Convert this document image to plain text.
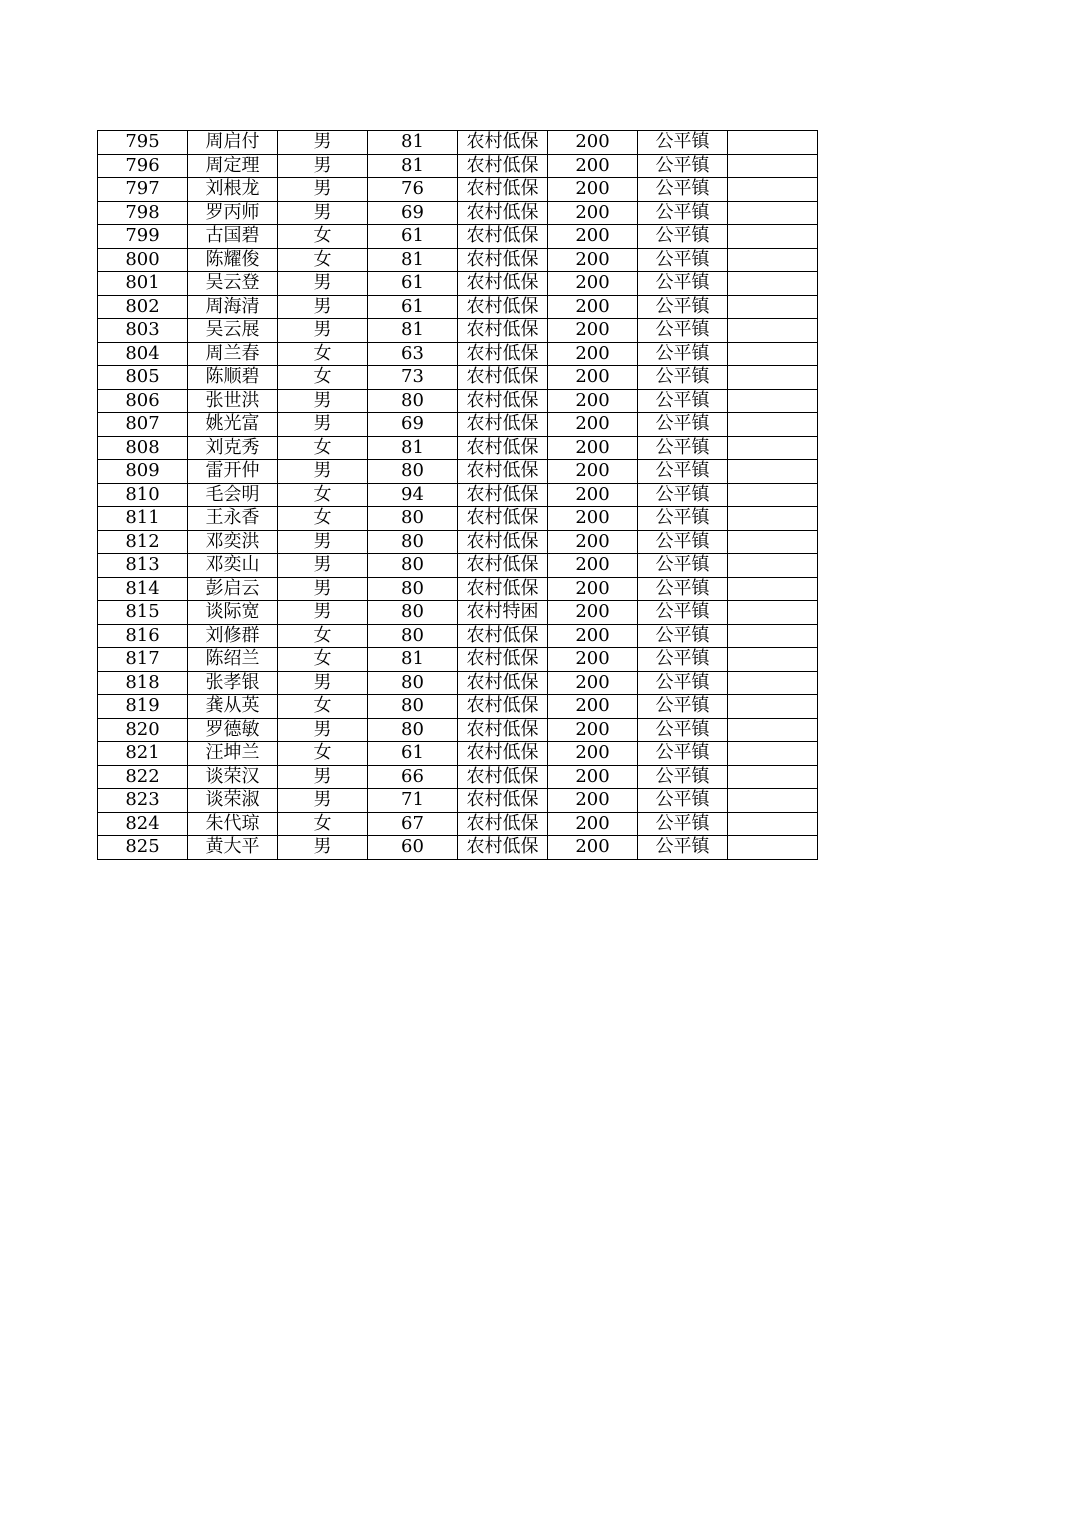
795	周启付	男	81	农村低保	200	公平镇	
796	周定理	男	81	农村低保	200	公平镇	
797	刘根龙	男	76	农村低保	200	公平镇	
798	罗丙师	男	69	农村低保	200	公平镇	
799	古国碧	女	61	农村低保	200	公平镇	
800	陈耀俊	女	81	农村低保	200	公平镇	
801	吴云登	男	61	农村低保	200	公平镇	
802	周海清	男	61	农村低保	200	公平镇	
803	吴云展	男	81	农村低保	200	公平镇	
804	周兰春	女	63	农村低保	200	公平镇	
805	陈顺碧	女	73	农村低保	200	公平镇	
806	张世洪	男	80	农村低保	200	公平镇	
807	姚光富	男	69	农村低保	200	公平镇	
808	刘克秀	女	81	农村低保	200	公平镇	
809	雷开仲	男	80	农村低保	200	公平镇	
810	毛会明	女	94	农村低保	200	公平镇	
811	王永香	女	80	农村低保	200	公平镇	
812	邓奕洪	男	80	农村低保	200	公平镇	
813	邓奕山	男	80	农村低保	200	公平镇	
814	彭启云	男	80	农村低保	200	公平镇	
815	谈际宽	男	80	农村特困	200	公平镇	
816	刘修群	女	80	农村低保	200	公平镇	
817	陈绍兰	女	81	农村低保	200	公平镇	
818	张孝银	男	80	农村低保	200	公平镇	
819	龚从英	女	80	农村低保	200	公平镇	
820	罗德敏	男	80	农村低保	200	公平镇	
821	汪坤兰	女	61	农村低保	200	公平镇	
822	谈荣汉	男	66	农村低保	200	公平镇	
823	谈荣淑	男	71	农村低保	200	公平镇	
824	朱代琼	女	67	农村低保	200	公平镇	
825	黄大平	男	60	农村低保	200	公平镇	
